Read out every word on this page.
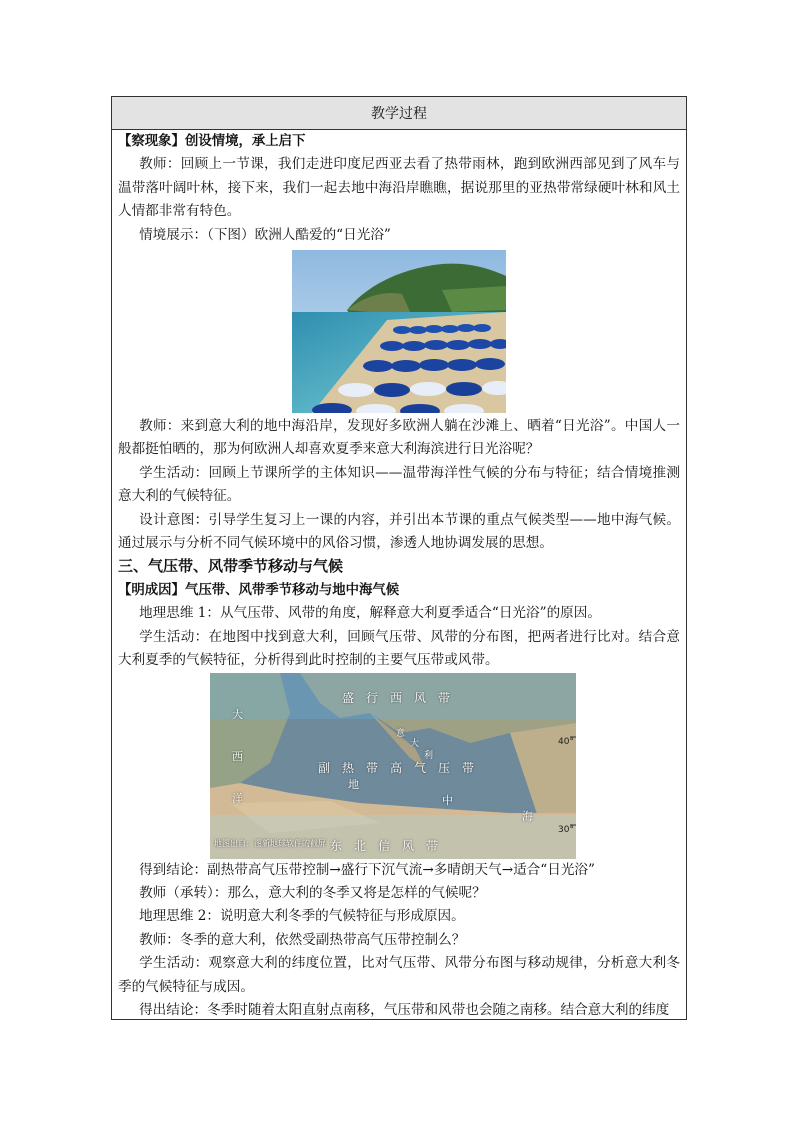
教学过程

【察现象】创设情境，承上启下

教师：回顾上一节课，我们走进印度尼西亚去看了热带雨林，跑到欧洲西部见到了风车与温带落叶阔叶林，接下来，我们一起去地中海沿岸瞧瞧，据说那里的亚热带常绿硬叶林和风土人情都非常有特色。

情境展示：（下图）欧洲人酷爱的“日光浴”

教师：来到意大利的地中海沿岸，发现好多欧洲人躺在沙滩上、晒着“日光浴”。中国人一般都挺怕晒的，那为何欧洲人却喜欢夏季来意大利海滨进行日光浴呢？

学生活动：回顾上节课所学的主体知识——温带海洋性气候的分布与特征；结合情境推测意大利的气候特征。

设计意图：引导学生复习上一课的内容，并引出本节课的重点气候类型——地中海气候。通过展示与分析不同气候环境中的风俗习惯，渗透人地协调发展的思想。

三、气压带、风带季节移动与气候

【明成因】气压带、风带季节移动与地中海气候

地理思维 1：从气压带、风带的角度，解释意大利夏季适合“日光浴”的原因。

学生活动：在地图中找到意大利，回顾气压带、风带的分布图，把两者进行比对。结合意大利夏季的气候特征，分析得到此时控制的主要气压带或风带。

盛行西风带
副热带高气压带
东北信风带
大
西
洋
意
大
利
地
中
海
40°
30°
地图出自：图新地球软件的截屏

得到结论：副热带高气压带控制→盛行下沉气流→多晴朗天气→适合“日光浴”

教师（承转）：那么，意大利的冬季又将是怎样的气候呢？

地理思维 2：说明意大利冬季的气候特征与形成原因。

教师：冬季的意大利，依然受副热带高气压带控制么？

学生活动：观察意大利的纬度位置，比对气压带、风带分布图与移动规律，分析意大利冬季的气候特征与成因。

得出结论：冬季时随着太阳直射点南移，气压带和风带也会随之南移。结合意大利的纬度
